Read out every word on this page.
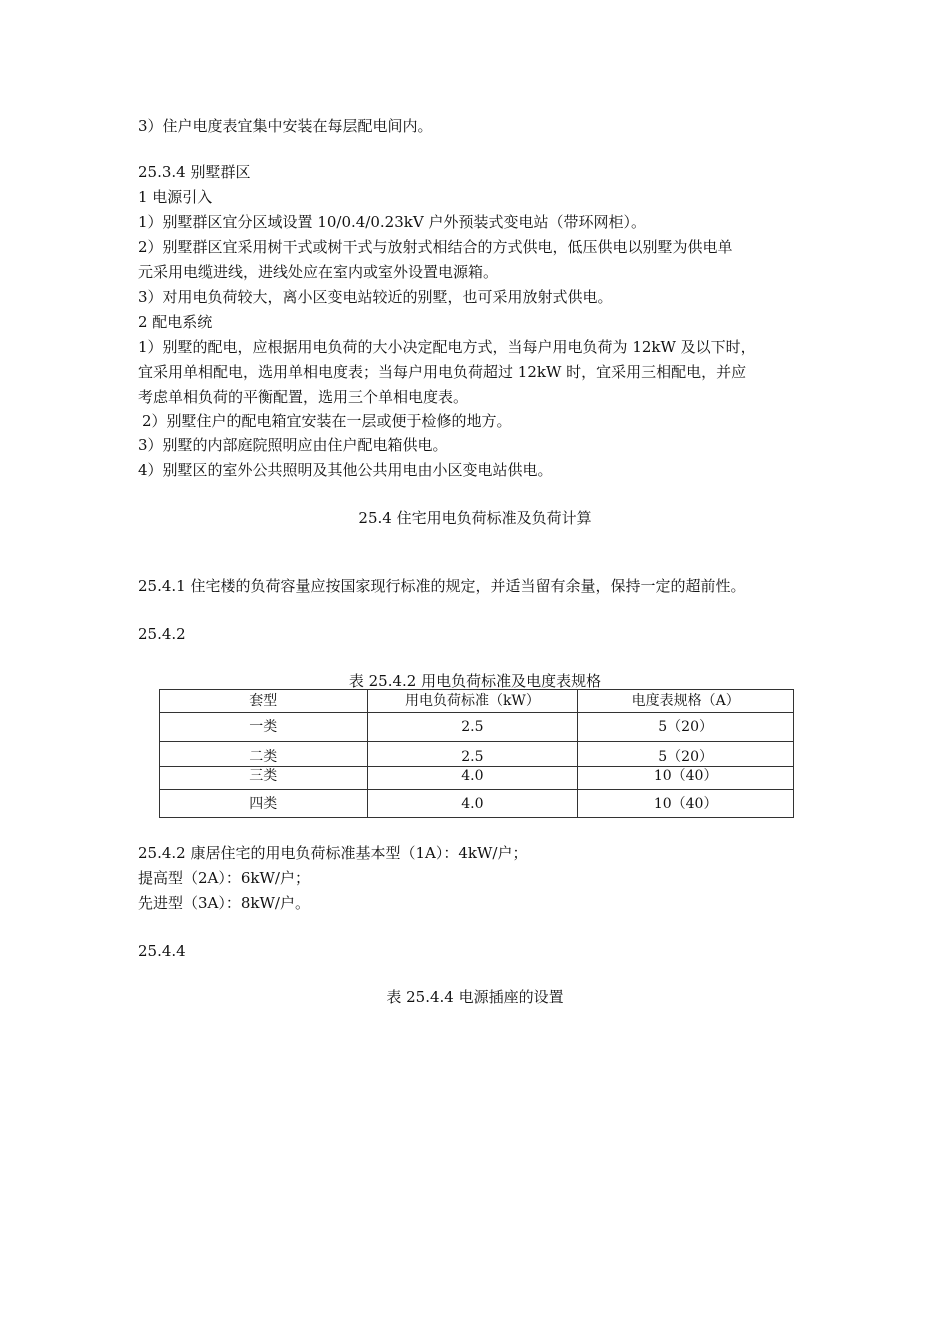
3）住户电度表宜集中安装在每层配电间内。
25.3.4 别墅群区
1 电源引入
1）别墅群区宜分区域设置 10/0.4/0.23kV 户外预装式变电站（带环网柜）。
2）别墅群区宜采用树干式或树干式与放射式相结合的方式供电，低压供电以别墅为供电单
元采用电缆进线，进线处应在室内或室外设置电源箱。
3）对用电负荷较大，离小区变电站较近的别墅，也可采用放射式供电。
2 配电系统
1）别墅的配电，应根据用电负荷的大小决定配电方式，当每户用电负荷为 12kW 及以下时，
宜采用单相配电，选用单相电度表；当每户用电负荷超过 12kW 时，宜采用三相配电，并应
考虑单相负荷的平衡配置，选用三个单相电度表。
2）别墅住户的配电箱宜安装在一层或便于检修的地方。
3）别墅的内部庭院照明应由住户配电箱供电。
4）别墅区的室外公共照明及其他公共用电由小区变电站供电。
25.4 住宅用电负荷标准及负荷计算
25.4.1 住宅楼的负荷容量应按国家现行标准的规定，并适当留有余量，保持一定的超前性。
25.4.2
表 25.4.2 用电负荷标准及电度表规格
套型	用电负荷标准（kW）	电度表规格（A）
一类	2.5	5（20）
二类	2.5	5（20）
三类	4.0	10（40）
四类	4.0	10（40）
25.4.2 康居住宅的用电负荷标准基本型（1A）：4kW/户；
提高型（2A）：6kW/户；
先进型（3A）：8kW/户。
25.4.4
表 25.4.4 电源插座的设置
